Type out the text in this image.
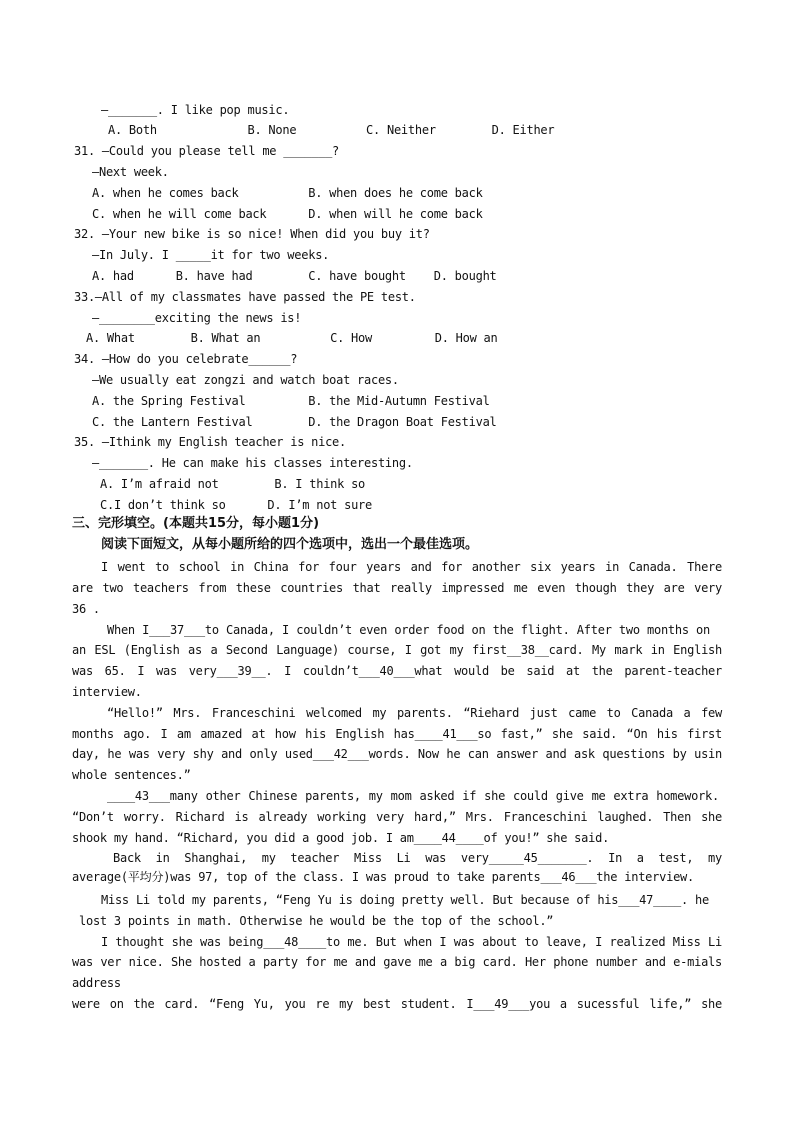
—_______. I like pop music.
A. Both             B. None          C. Neither        D. Either
31. —Could you please tell me _______?
—Next week.
A. when he comes back          B. when does he come back
C. when he will come back      D. when will he come back
32. —Your new bike is so nice! When did you buy it?
—In July. I _____it for two weeks.
A. had      B. have had        C. have bought    D. bought
33.—All of my classmates have passed the PE test.
—________exciting the news is!
A. What        B. What an          C. How         D. How an
34. —How do you celebrate______?
—We usually eat zongzi and watch boat races.
A. the Spring Festival         B. the Mid-Autumn Festival
C. the Lantern Festival        D. the Dragon Boat Festival
35. —Ithink my English teacher is nice.
—_______. He can make his classes interesting.
A. I’m afraid not        B. I think so
C.I don’t think so      D. I’m not sure
三、完形填空。(本题共15分，每小题1分)
阅读下面短文，从每小题所给的四个选项中，选出一个最佳选项。
I went to school in China for four years and for another six years in Canada. There
are two teachers from these countries that really impressed me even though they are very
36 .
When I___37___to Canada, I couldn’t even order food on the flight. After two months on
an ESL (English as a Second Language) course, I got my first__38__card. My mark in English
was 65. I was very___39__. I couldn’t___40___what would be said at the parent-teacher
interview.
“Hello!” Mrs. Franceschini welcomed my parents. “Riehard just came to Canada a few
months ago. I am amazed at how his English has____41___so fast,” she said. “On his first
day, he was very shy and only used___42___words. Now he can answer and ask questions by usin
whole sentences.”
____43___many other Chinese parents, my mom asked if she could give me extra homework.
“Don’t worry. Richard is already working very hard,” Mrs. Franceschini laughed. Then she
shook my hand. “Richard, you did a good job. I am____44____of you!” she said.
Back in Shanghai, my teacher Miss Li was very_____45_______. In a test, my
average(平均分)was 97, top of the class. I was proud to take parents___46___the interview.
Miss Li told my parents, “Feng Yu is doing pretty well. But because of his___47____. he
lost 3 points in math. Otherwise he would be the top of the school.”
I thought she was being___48____to me. But when I was about to leave, I realized Miss Li
was ver nice. She hosted a party for me and gave me a big card. Her phone number and e-mials
address
were on the card. “Feng Yu, you re my best student. I___49___you a sucessful life,” she
